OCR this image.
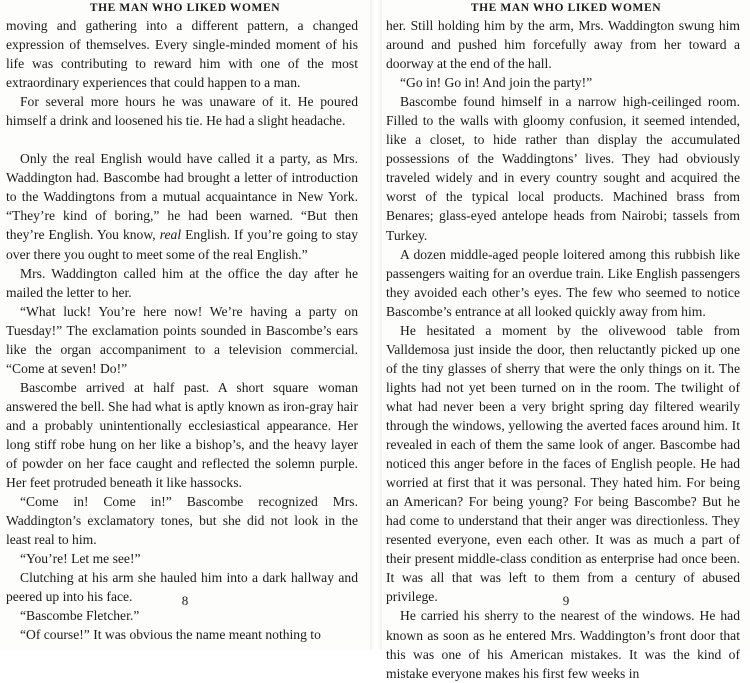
THE MAN WHO LIKED WOMEN

moving and gathering into a different pattern, a changed expression of themselves. Every single-minded moment of his life was contributing to reward him with one of the most extraordinary experiences that could happen to a man.

For several more hours he was unaware of it. He poured himself a drink and loosened his tie. He had a slight headache.

Only the real English would have called it a party, as Mrs. Waddington had. Bascombe had brought a letter of introduction to the Waddingtons from a mutual acquaintance in New York. “They’re kind of boring,” he had been warned. “But then they’re English. You know, real English. If you’re going to stay over there you ought to meet some of the real English.”

Mrs. Waddington called him at the office the day after he mailed the letter to her.

“What luck! You’re here now! We’re having a party on Tuesday!” The exclamation points sounded in Bascombe’s ears like the organ accompaniment to a television commercial. “Come at seven! Do!”

Bascombe arrived at half past. A short square woman answered the bell. She had what is aptly known as iron-gray hair and a probably unintentionally ecclesiastical appearance. Her long stiff robe hung on her like a bishop’s, and the heavy layer of powder on her face caught and reflected the solemn purple. Her feet protruded beneath it like hassocks.

“Come in! Come in!” Bascombe recognized Mrs. Waddington’s exclamatory tones, but she did not look in the least real to him.

“You’re! Let me see!”

Clutching at his arm she hauled him into a dark hallway and peered up into his face.

“Bascombe Fletcher.”

“Of course!” It was obvious the name meant nothing to

8
THE MAN WHO LIKED WOMEN

her. Still holding him by the arm, Mrs. Waddington swung him around and pushed him forcefully away from her toward a doorway at the end of the hall.

“Go in! Go in! And join the party!”

Bascombe found himself in a narrow high-ceilinged room. Filled to the walls with gloomy confusion, it seemed intended, like a closet, to hide rather than display the accumulated possessions of the Waddingtons’ lives. They had obviously traveled widely and in every country sought and acquired the worst of the typical local products. Machined brass from Benares; glass-eyed antelope heads from Nairobi; tassels from Turkey.

A dozen middle-aged people loitered among this rubbish like passengers waiting for an overdue train. Like English passengers they avoided each other’s eyes. The few who seemed to notice Bascombe’s entrance at all looked quickly away from him.

He hesitated a moment by the olivewood table from Valldemosa just inside the door, then reluctantly picked up one of the tiny glasses of sherry that were the only things on it. The lights had not yet been turned on in the room. The twilight of what had never been a very bright spring day filtered wearily through the windows, yellowing the averted faces around him. It revealed in each of them the same look of anger. Bascombe had noticed this anger before in the faces of English people. He had worried at first that it was personal. They hated him. For being an American? For being young? For being Bascombe? But he had come to understand that their anger was directionless. They resented everyone, even each other. It was as much a part of their present middle-class condition as enterprise had once been. It was all that was left to them from a century of abused privilege.

He carried his sherry to the nearest of the windows. He had known as soon as he entered Mrs. Waddington’s front door that this was one of his American mistakes. It was the kind of mistake everyone makes his first few weeks in

9
